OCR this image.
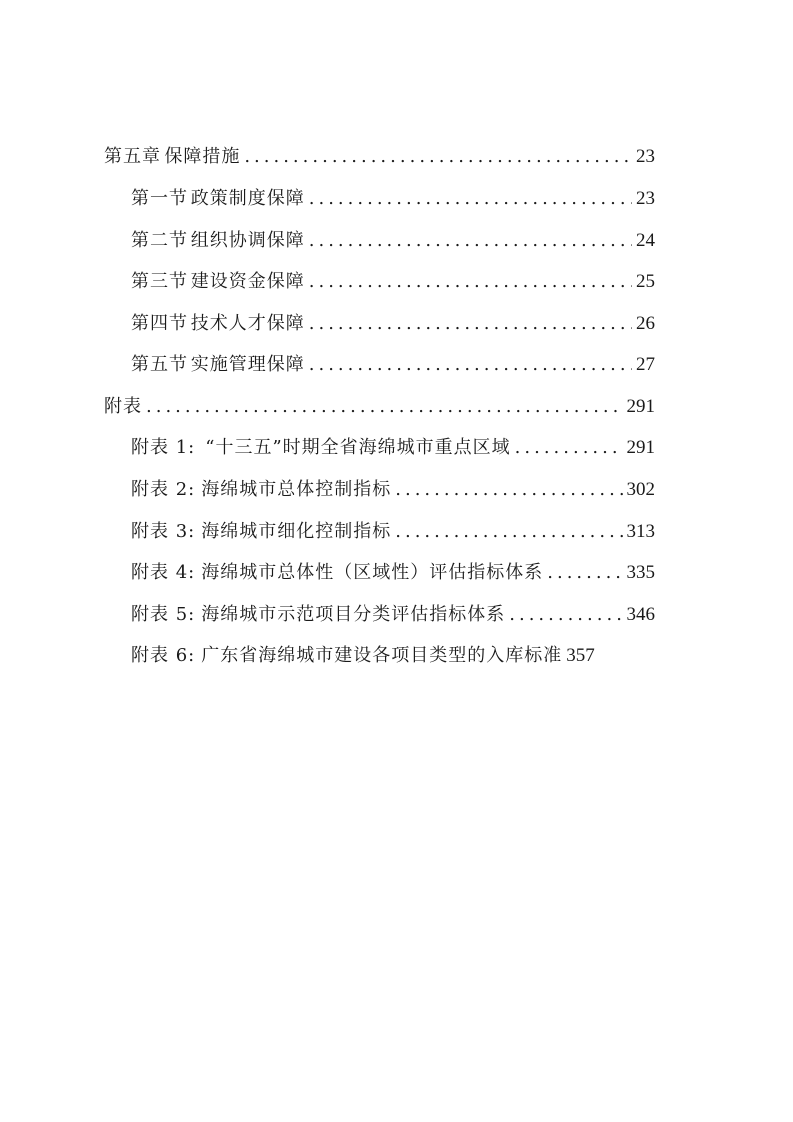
第五章 保障措施 .....	23
第一节 政策制度保障 .....	23
第二节 组织协调保障 .....	24
第三节 建设资金保障 .....	25
第四节 技术人才保障 .....	26
第五节 实施管理保障 .....	27
附表 .....	291
附表 1: “十三五”时期全省海绵城市重点区域 .....	291
附表 2: 海绵城市总体控制指标 .....	302
附表 3: 海绵城市细化控制指标 .....	313
附表 4: 海绵城市总体性（区域性）评估指标体系 .....	335
附表 5: 海绵城市示范项目分类评估指标体系 .....	346
附表 6: 广东省海绵城市建设各项目类型的入库标准 357
